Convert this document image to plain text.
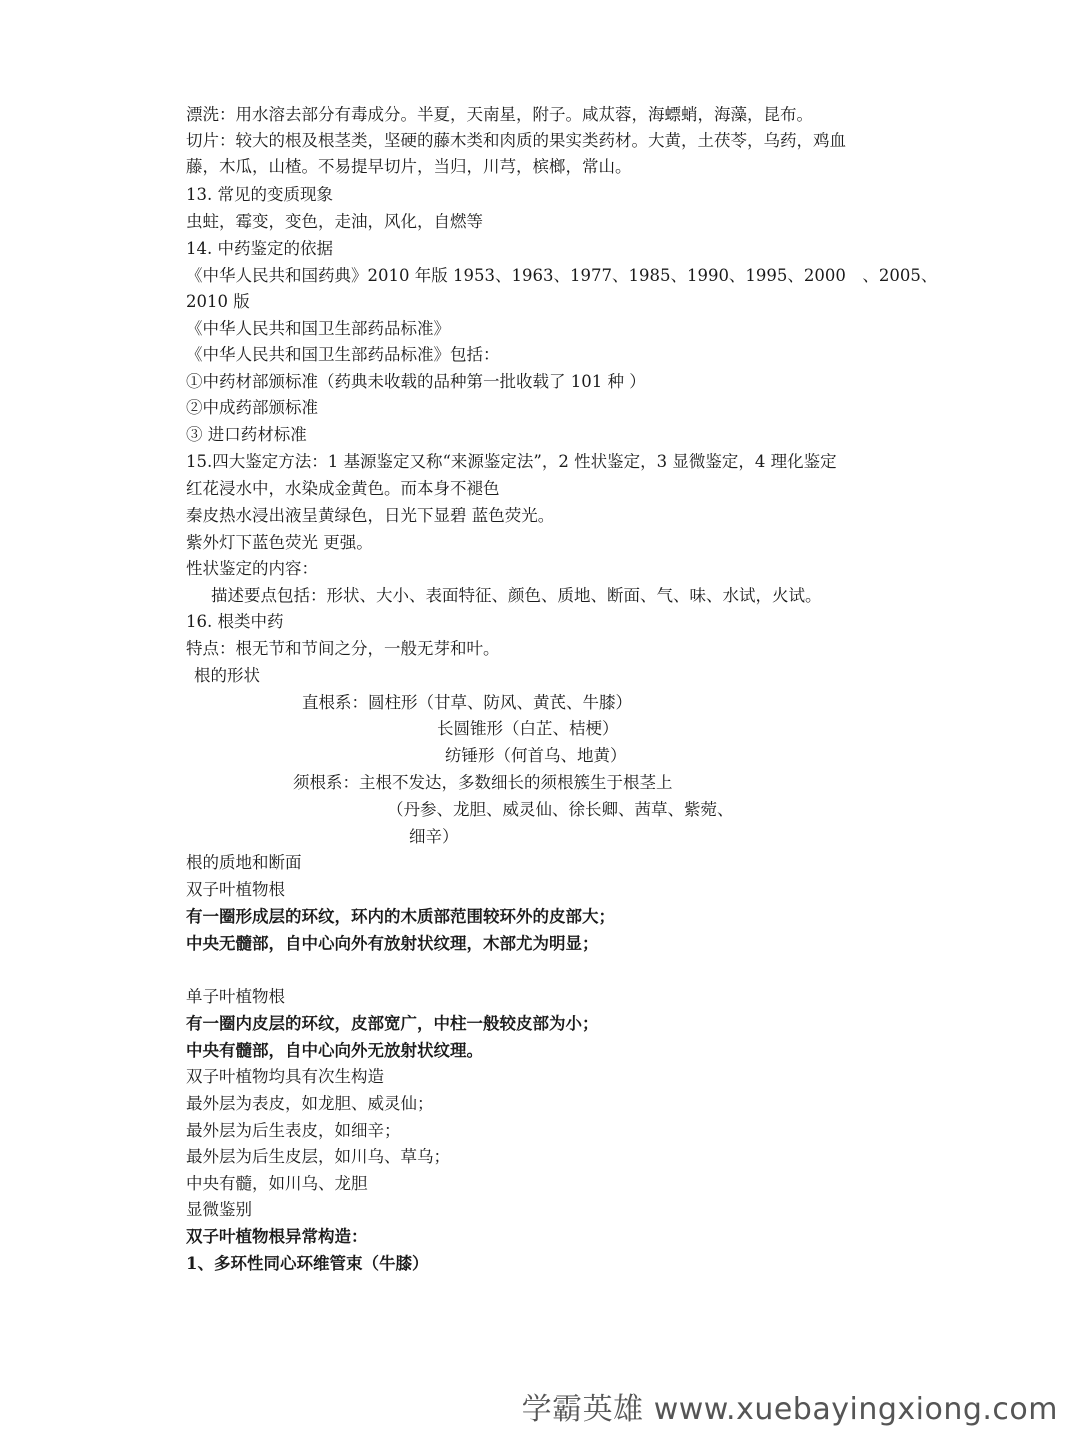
漂洗：用水溶去部分有毒成分。半夏，天南星，附子。咸苁蓉，海螵蛸，海藻，昆布。
切片：较大的根及根茎类，坚硬的藤木类和肉质的果实类药材。大黄，土茯苓，乌药，鸡血
藤，木瓜，山楂。不易提早切片，当归，川芎，槟榔，常山。
13. 常见的变质现象
虫蛀，霉变，变色，走油，风化，自燃等
14. 中药鉴定的依据
《中华人民共和国药典》2010 年版 1953、1963、1977、1985、1990、1995、2000　、2005、
2010 版
《中华人民共和国卫生部药品标准》
《中华人民共和国卫生部药品标准》包括：
①中药材部颁标准（药典未收载的品种第一批收载了 101 种 ）
②中成药部颁标准
③ 进口药材标准
15.四大鉴定方法：1 基源鉴定又称“来源鉴定法”，2 性状鉴定，3 显微鉴定，4 理化鉴定
红花浸水中，水染成金黄色。而本身不褪色
秦皮热水浸出液呈黄绿色，日光下显碧 蓝色荧光。
紫外灯下蓝色荧光 更强。
性状鉴定的内容：
描述要点包括：形状、大小、表面特征、颜色、质地、断面、气、味、水试，火试。
16. 根类中药
特点：根无节和节间之分，一般无芽和叶。
根的形状
直根系：圆柱形（甘草、防风、黄芪、牛膝）
长圆锥形（白芷、桔梗）
纺锤形（何首乌、地黄）
须根系：主根不发达，多数细长的须根簇生于根茎上
（丹参、龙胆、威灵仙、徐长卿、茜草、紫菀、
细辛）
根的质地和断面
双子叶植物根
有一圈形成层的环纹，环内的木质部范围较环外的皮部大；
中央无髓部，自中心向外有放射状纹理，木部尤为明显；
单子叶植物根
有一圈内皮层的环纹，皮部宽广，中柱一般较皮部为小；
中央有髓部，自中心向外无放射状纹理。
双子叶植物均具有次生构造
最外层为表皮，如龙胆、威灵仙；
最外层为后生表皮，如细辛；
最外层为后生皮层，如川乌、草乌；
中央有髓，如川乌、龙胆
显微鉴别
双子叶植物根异常构造：
1、多环性同心环维管束（牛膝）
学霸英雄 www.xuebayingxiong.com
